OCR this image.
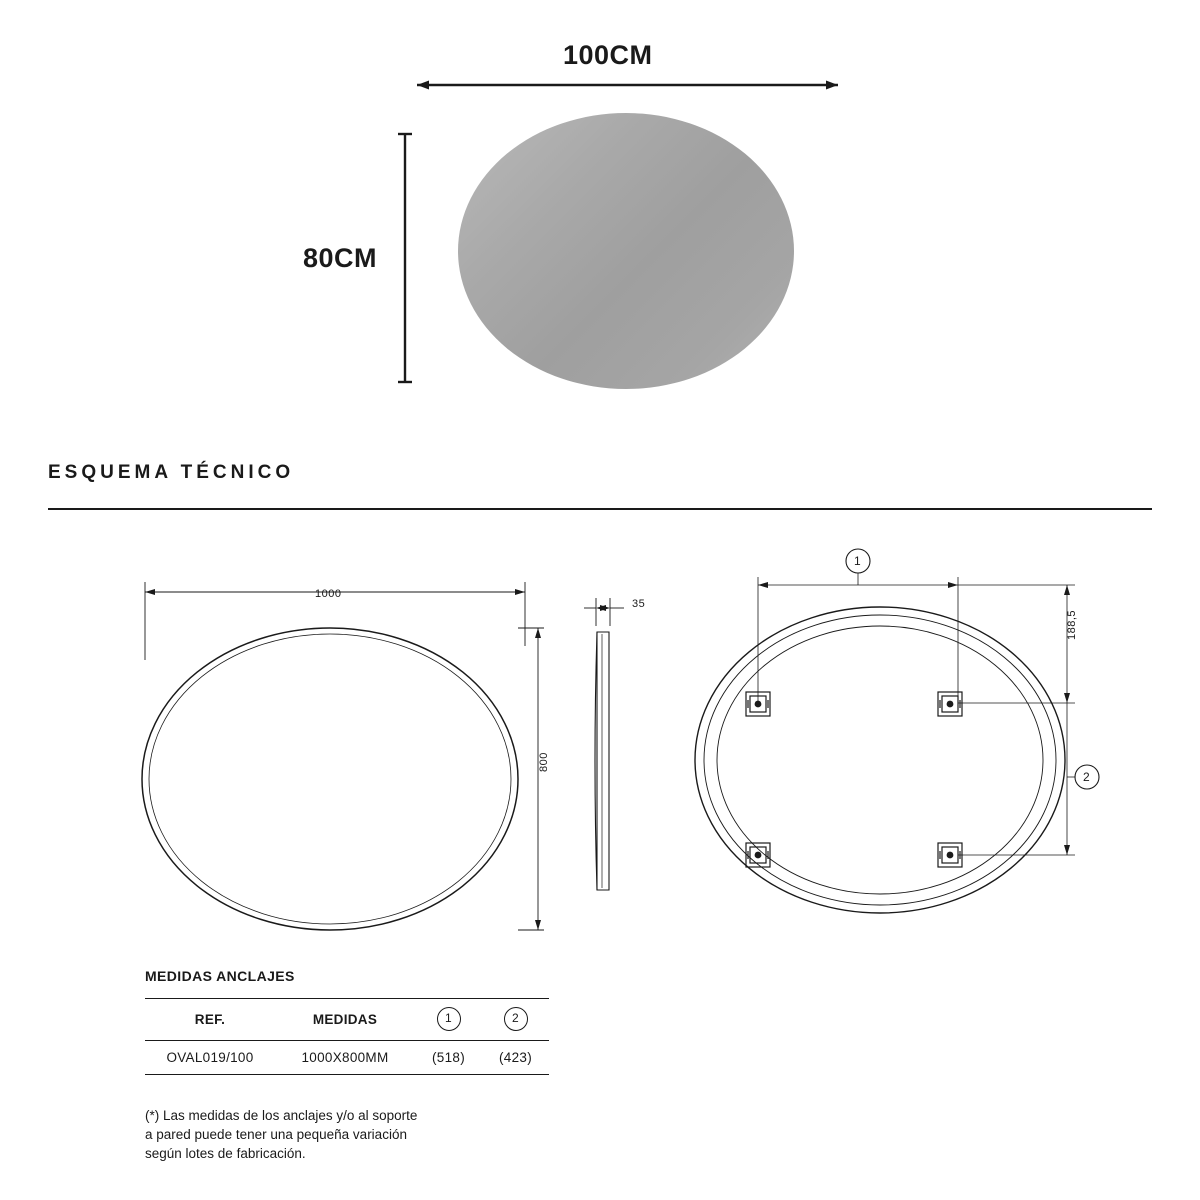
100CM
80CM
ESQUEMA TÉCNICO
1000
800
35
1
2
188,5
MEDIDAS ANCLAJES
REF.	MEDIDAS	1	2
OVAL019/100	1000X800MM	(518)	(423)
(*) Las medidas de los anclajes y/o al soporte
a pared puede tener una pequeña variación
según lotes de fabricación.
